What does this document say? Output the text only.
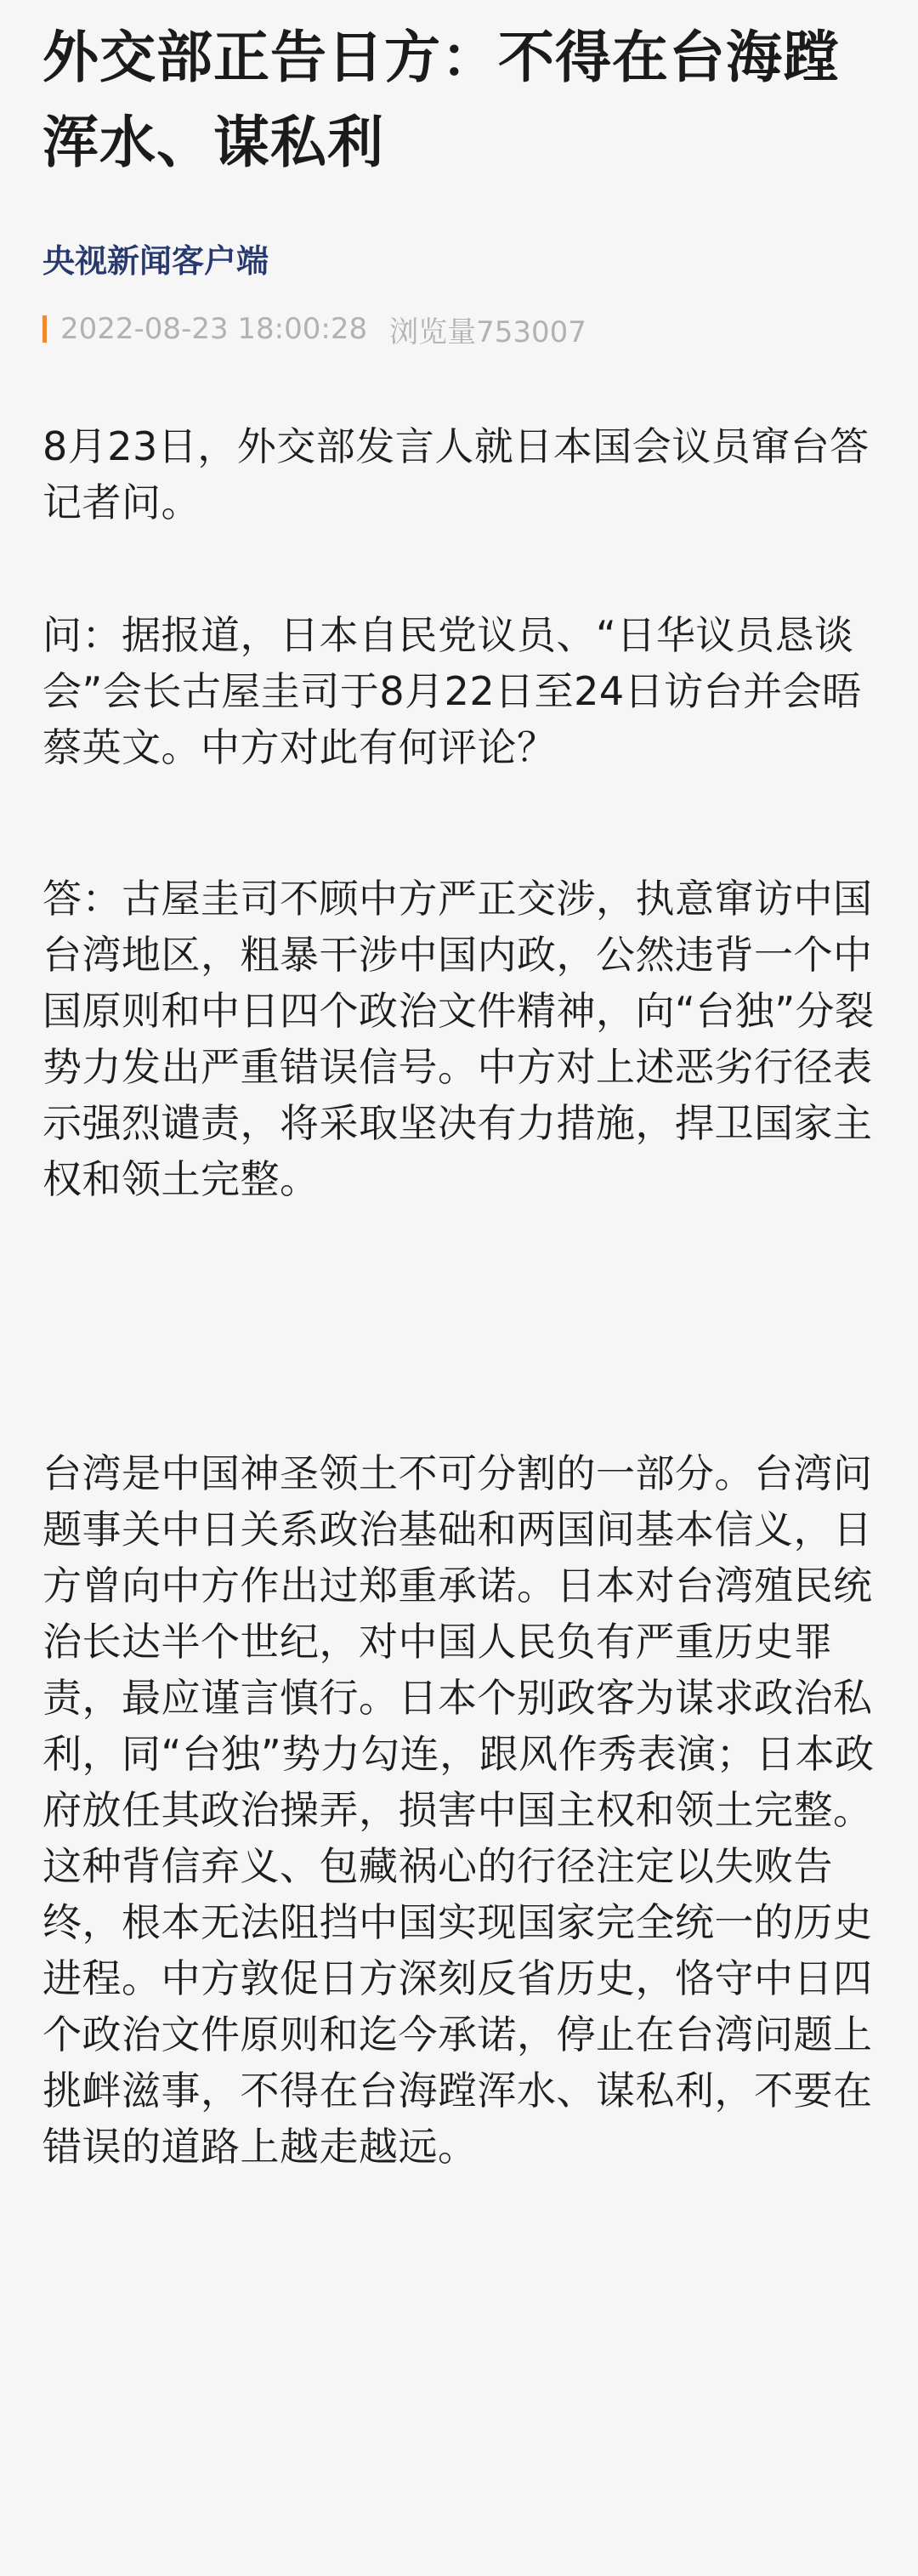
外交部正告日方：不得在台海蹚浑水、谋私利
央视新闻客户端
2022-08-23 18:00:28 浏览量753007

8月23日，外交部发言人就日本国会议员窜台答记者问。

问：据报道，日本自民党议员、“日华议员恳谈会”会长古屋圭司于8月22日至24日访台并会晤蔡英文。中方对此有何评论？

答：古屋圭司不顾中方严正交涉，执意窜访中国台湾地区，粗暴干涉中国内政，公然违背一个中国原则和中日四个政治文件精神，向“台独”分裂势力发出严重错误信号。中方对上述恶劣行径表示强烈谴责，将采取坚决有力措施，捍卫国家主权和领土完整。

台湾是中国神圣领土不可分割的一部分。台湾问题事关中日关系政治基础和两国间基本信义，日方曾向中方作出过郑重承诺。日本对台湾殖民统治长达半个世纪，对中国人民负有严重历史罪责，最应谨言慎行。日本个别政客为谋求政治私利，同“台独”势力勾连，跟风作秀表演；日本政府放任其政治操弄，损害中国主权和领土完整。这种背信弃义、包藏祸心的行径注定以失败告终，根本无法阻挡中国实现国家完全统一的历史进程。中方敦促日方深刻反省历史，恪守中日四个政治文件原则和迄今承诺，停止在台湾问题上挑衅滋事，不得在台海蹚浑水、谋私利，不要在错误的道路上越走越远。
